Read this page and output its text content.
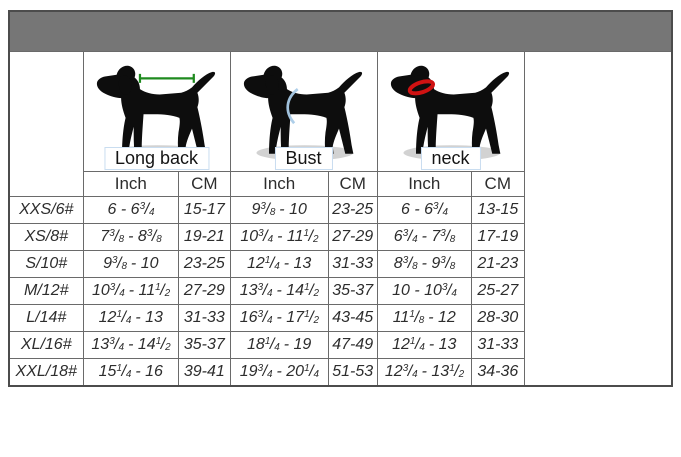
	Long back		Bust		neck		

	Inch	CM	Inch	CM	Inch	CM	
XXS/6#	$6 - 6^3/_4$	15-17	$9^3/_8 - 10$	23-25	$6 - 6^3/_4$	13-15	
XS/8#	$7^3/_8 - 8^3/_8$	19-21	$10^3/_4 - 11^1/_2$	27-29	$6^3/_4 - 7^3/_8$	17-19	
S/10#	$9^3/_8 - 10$	23-25	$12^1/_4 - 13$	31-33	$8^3/_8 - 9^3/_8$	21-23	
M/12#	$10^3/_4 - 11^1/_2$	27-29	$13^3/_4 - 14^1/_2$	35-37	$10 - 10^3/_4$	25-27	
L/14#	$12^1/_4 - 13$	31-33	$16^3/_4 - 17^1/_2$	43-45	$11^1/_8 - 12$	28-30	
XL/16#	$13^3/_4 - 14^1/_2$	35-37	$18^1/_4 - 19$	47-49	$12^1/_4 - 13$	31-33	
XXL/18#	$15^1/_4 - 16$	39-41	$19^3/_4 - 20^1/_4$	51-53	$12^3/_4 - 13^1/_2$	34-36	
